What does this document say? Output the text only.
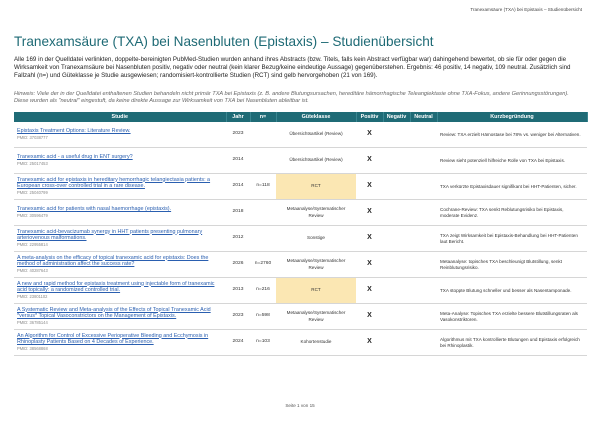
Tranexamsäure (TXA) bei Epistaxis – Studienübersicht
Tranexamsäure (TXA) bei Nasenbluten (Epistaxis) – Studienübersicht
Alle 169 in der Quelldatei verlinkten, doppelte-bereinigten PubMed-Studien wurden anhand ihres Abstracts (bzw. Titels, falls kein Abstract verfügbar war) dahingehend bewertet, ob sie für oder gegen die Wirksamkeit von Tranexamsäure bei Nasenbluten positiv, negativ oder neutral (kein klarer Bezug/keine eindeutige Aussage) gegenüberstehen. Ergebnis: 46 positiv, 14 negativ, 109 neutral. Zusätzlich sind Fallzahl (n=) und Güteklasse je Studie ausgewiesen; randomisiert-kontrollierte Studien (RCT) sind gelb hervorgehoben (21 von 169).
Hinweis: Viele der in der Quelldatei enthaltenen Studien behandeln nicht primär TXA bei Epistaxis (z. B. andere Blutungsursachen, hereditäre hämorrhagische Teleangiektasie ohne TXA-Fokus, andere Gerinnungsstörungen). Diese wurden als "neutral" eingestuft, da keine direkte Aussage zur Wirksamkeit von TXA bei Nasenbluten ableitbar ist.
Studie	Jahr	n=	Güteklasse	Positiv	Negativ	Neutral	Kurzbegründung

Epistaxis Treatment Options: Literature Review.
PMID: 37038777	2023		Übersichtsartikel (Review)	X			Review: TXA erzielt Hämostase bei 78% vs. weniger bei Alternativen.

Tranexamic acid - a useful drug in ENT surgery?
PMID: 25017453	2014		Übersichtsartikel (Review)	X			Review sieht potenziell hilfreiche Rolle von TXA bei Epistaxis.

Tranexamic acid for epistaxis in hereditary hemorrhagic telangiectasia patients: a European cross-over controlled trial in a rare disease.
PMID: 25040799	2014	n=118	RCT	X			TXA verkürzte Epistaxisdauer signifikant bei HHT-Patienten, sicher.

Tranexamic acid for patients with nasal haemorrhage (epistaxis).
PMID: 30596479	2018		Metaanalyse/Systematischer Review	X			Cochrane-Review: TXA senkt Reblutungsrisiko bei Epistaxis, moderate Evidenz.

Tranexamic acid-bevacizumab synergy in HHT patients presenting pulmonary arteriovenous malformations.
PMID: 22955814	2012		Sonstige	X			TXA zeigt Wirksamkeit bei Epistaxis-Behandlung bei HHT-Patienten laut Bericht.

A meta-analysis on the efficacy of topical tranexamic acid for epistaxis: Does the method of administration affect the success rate?
PMID: 40287643	2026	n=2760	Metaanalyse/Systematischer Review	X			Metaanalyse: topisches TXA beschleunigt Blutstillung, senkt Reinblutungsrisiko.

A new and rapid method for epistaxis treatment using injectable form of tranexamic acid topically: a randomized controlled trial.
PMID: 23801102	2013	n=216	RCT	X			TXA stoppte Blutung schneller und besser als Nasentamponade.

A Systematic Review and Meta-analysis of the Effects of Topical Tranexamic Acid *versus* Topical Vasoconstrictors on the Management of Epistaxis.
PMID: 36785144	2023	n=598	Metaanalyse/Systematischer Review	X			Meta-Analyse: Topisches TXA erzielte bessere Blutstillungsraten als Vasokonstriktoren.

An Algorithm for Control of Excessive Perioperative Bleeding and Ecchymosis in Rhinoplasty Patients Based on 4 Decades of Experience.
PMID: 38568868	2024	n=103	Kohortenstudie	X			Algorithmus mit TXA kontrollierte Blutungen und Epistaxis erfolgreich bei Rhinoplastik.
Seite 1 von 15
